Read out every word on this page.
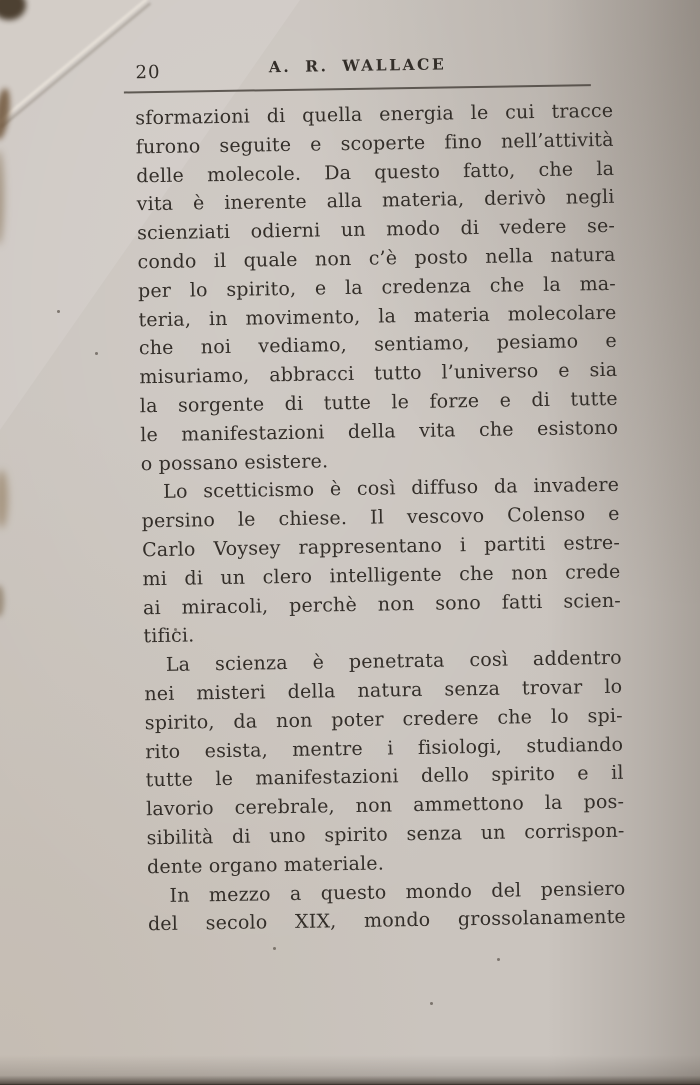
20	A. R. WALLACE
sformazioni di quella energia le cui tracce
furono seguite e scoperte fino nell’attività
delle molecole. Da questo fatto, che la
vita è inerente alla materia, derivò negli
scienziati odierni un modo di vedere se-
condo il quale non c’è posto nella natura
per lo spirito, e la credenza che la ma-
teria, in movimento, la materia molecolare
che noi vediamo, sentiamo, pesiamo e
misuriamo, abbracci tutto l’universo e sia
la sorgente di tutte le forze e di tutte
le manifestazioni della vita che esistono
o possano esistere.
Lo scetticismo è così diffuso da invadere
persino le chiese. Il vescovo Colenso e
Carlo Voysey rappresentano i partiti estre-
mi di un clero intelligente che non crede
ai miracoli, perchè non sono fatti scien-
tifici.
La scienza è penetrata così addentro
nei misteri della natura senza trovar lo
spirito, da non poter credere che lo spi-
rito esista, mentre i fisiologi, studiando
tutte le manifestazioni dello spirito e il
lavorio cerebrale, non ammettono la pos-
sibilità di uno spirito senza un corrispon-
dente organo materiale.
In mezzo a questo mondo del pensiero
del secolo XIX, mondo grossolanamente
